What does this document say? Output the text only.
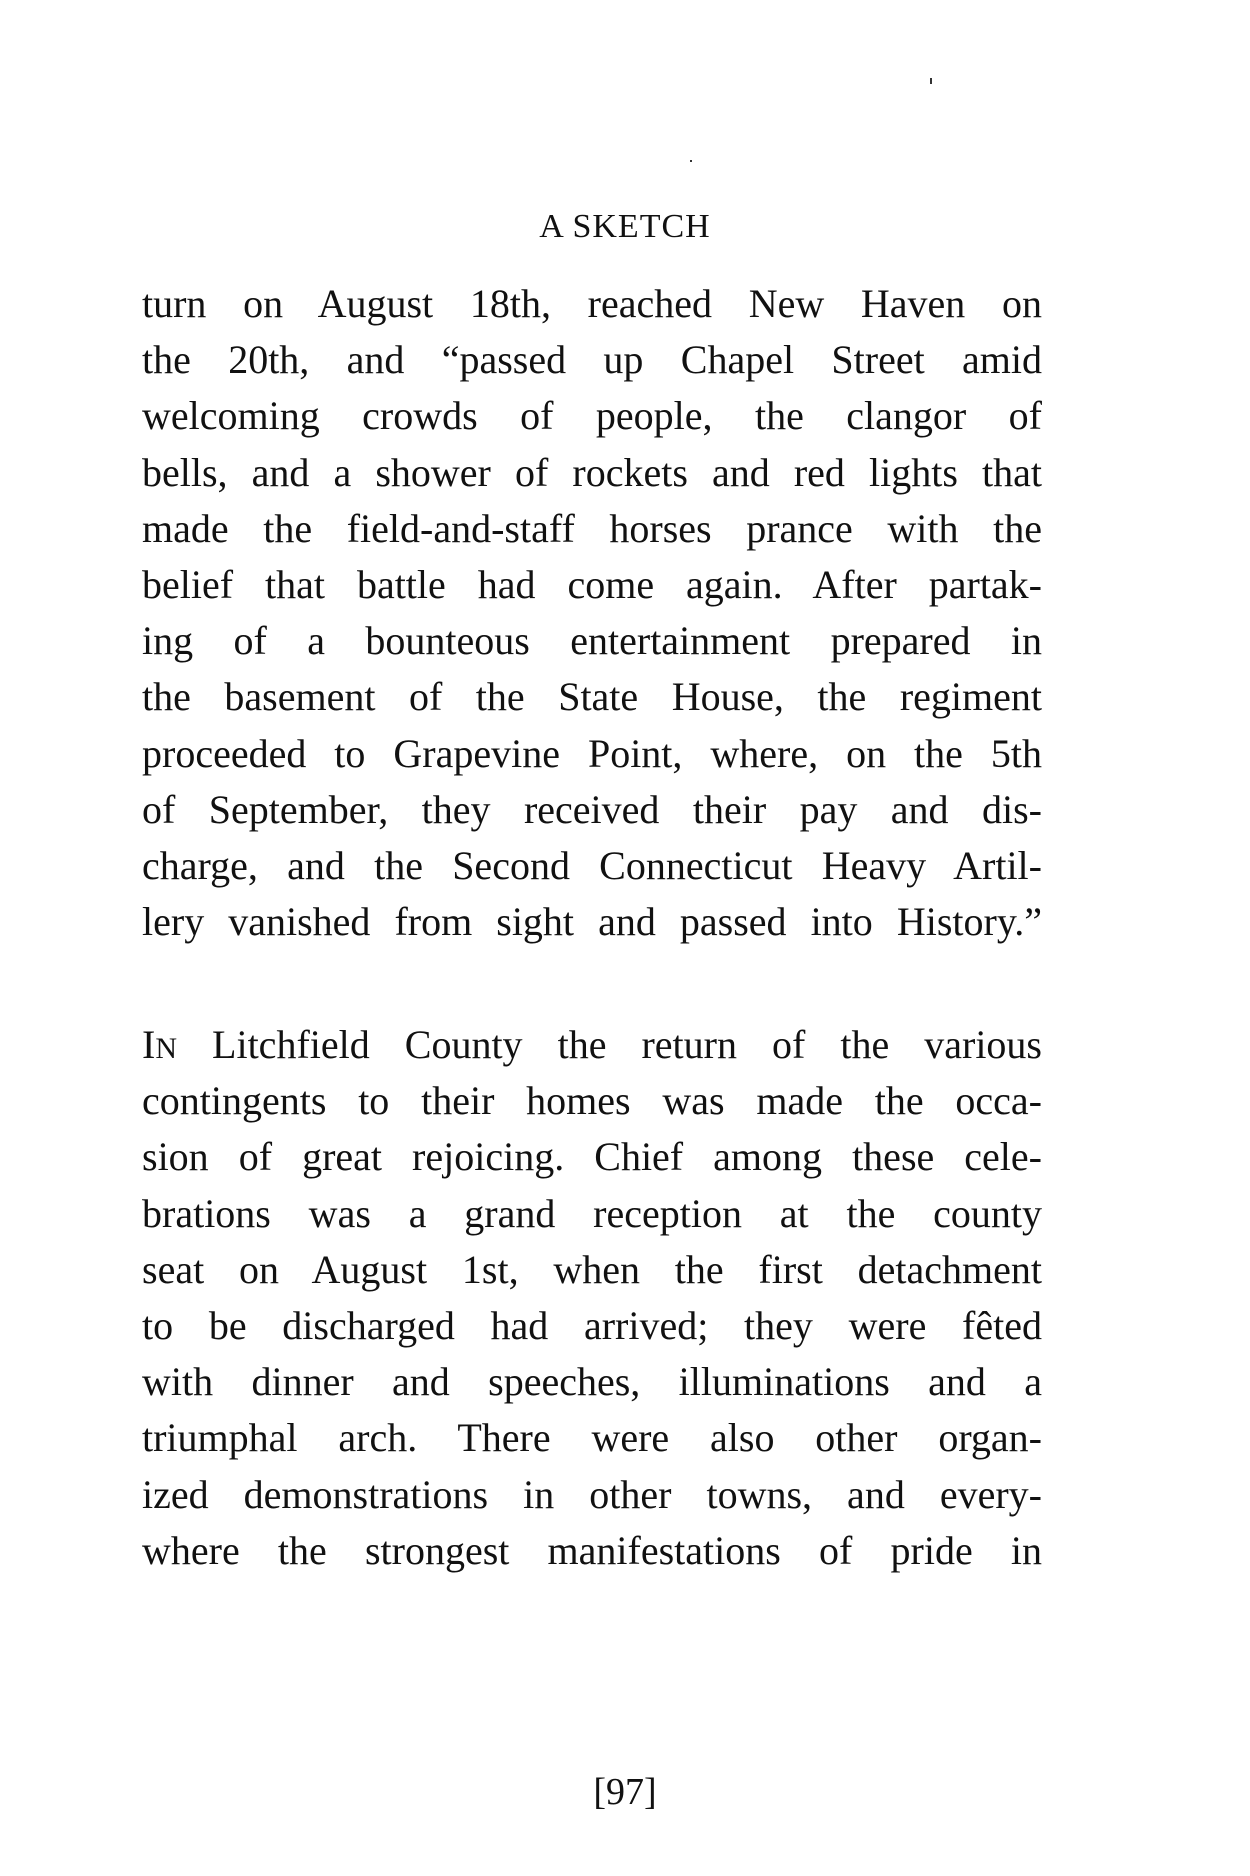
A SKETCH
turn on August 18th, reached New Haven on
the 20th, and “passed up Chapel Street amid
welcoming crowds of people, the clangor of
bells, and a shower of rockets and red lights that
made the field-and-staff horses prance with the
belief that battle had come again. After partak-
ing of a bounteous entertainment prepared in
the basement of the State House, the regiment
proceeded to Grapevine Point, where, on the 5th
of September, they received their pay and dis-
charge, and the Second Connecticut Heavy Artil-
lery vanished from sight and passed into History.”
IN Litchfield County the return of the various
contingents to their homes was made the occa-
sion of great rejoicing. Chief among these cele-
brations was a grand reception at the county
seat on August 1st, when the first detachment
to be discharged had arrived; they were fêted
with dinner and speeches, illuminations and a
triumphal arch. There were also other organ-
ized demonstrations in other towns, and every-
where the strongest manifestations of pride in
[97]
